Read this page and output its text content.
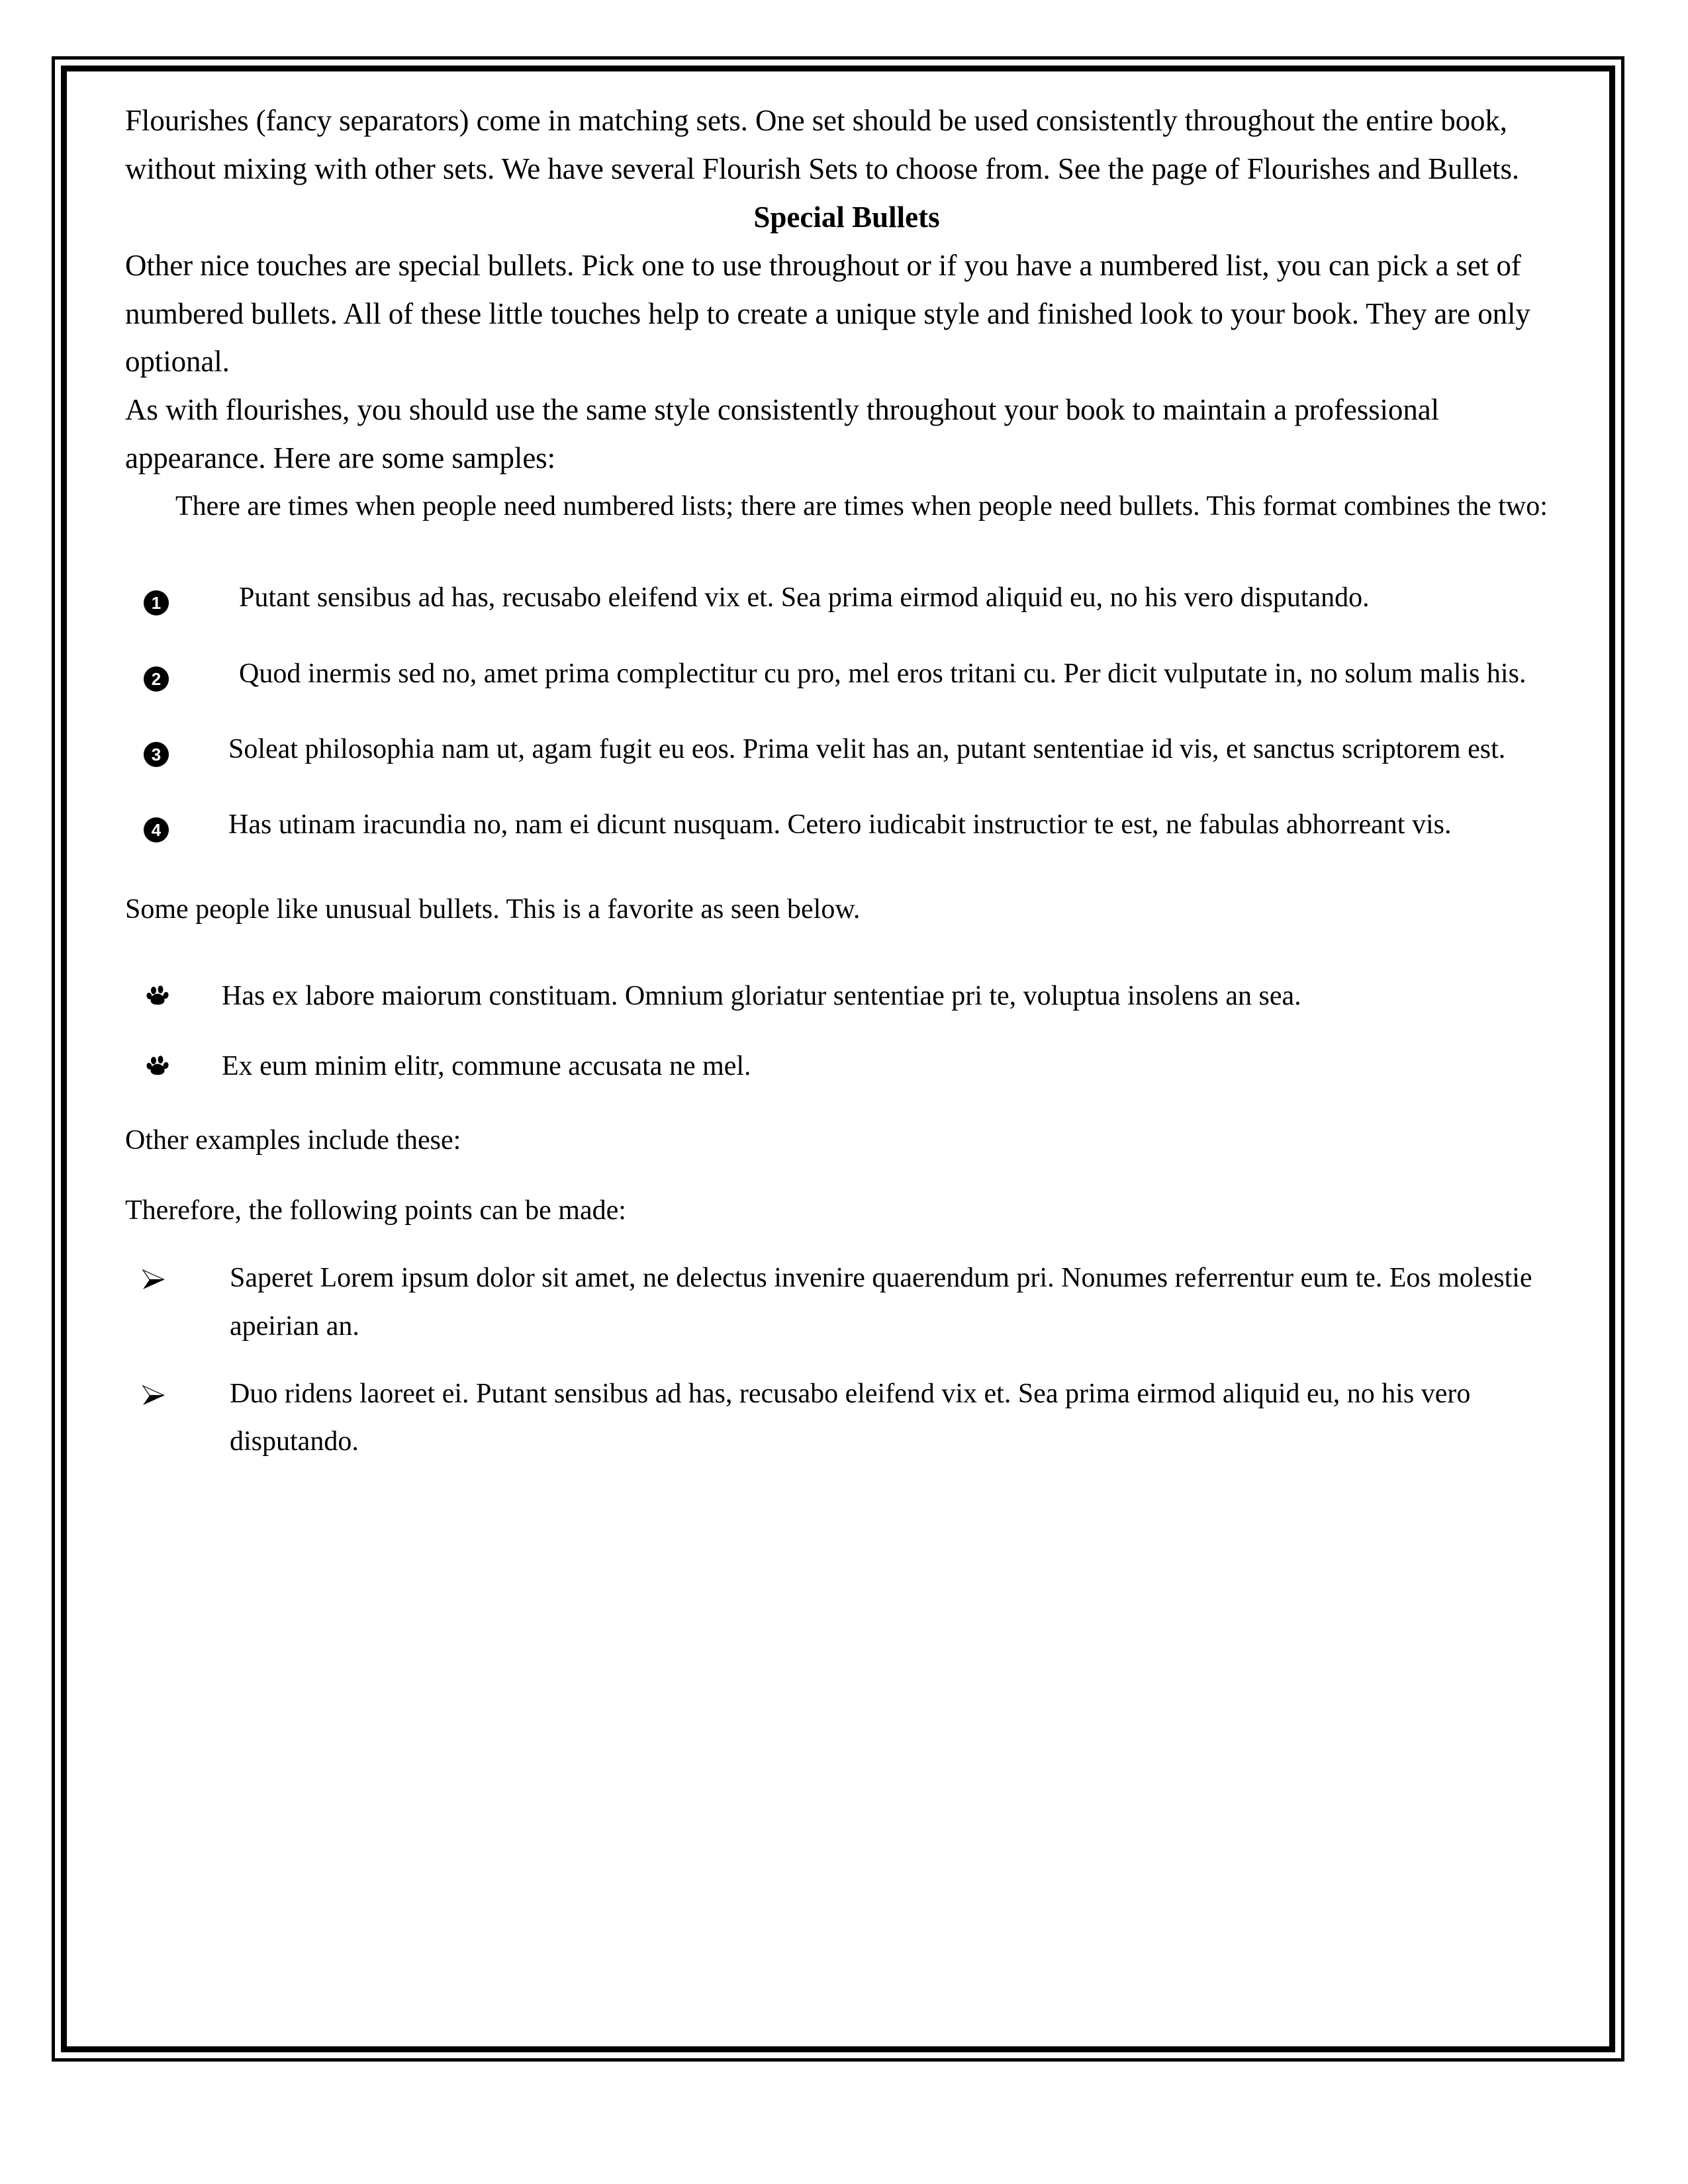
Flourishes (fancy separators) come in matching sets. One set should be used consistently throughout the entire book, without mixing with other sets. We have several Flourish Sets to choose from. See the page of Flourishes and Bullets.

Special Bullets

Other nice touches are special bullets. Pick one to use throughout or if you have a numbered list, you can pick a set of numbered bullets. All of these little touches help to create a unique style and finished look to your book. They are only optional.

As with flourishes, you should use the same style consistently throughout your book to maintain a professional appearance. Here are some samples:

There are times when people need numbered lists; there are times when people need bullets. This format combines the two:

1	Putant sensibus ad has, recusabo eleifend vix et. Sea prima eirmod aliquid eu, no his vero disputando.
2	Quod inermis sed no, amet prima complectitur cu pro, mel eros tritani cu. Per dicit vulputate in, no solum malis his.
3	Soleat philosophia nam ut, agam fugit eu eos. Prima velit has an, putant sententiae id vis, et sanctus scriptorem est.
4	Has utinam iracundia no, nam ei dicunt nusquam. Cetero iudicabit instructior te est, ne fabulas abhorreant vis.

Some people like unusual bullets. This is a favorite as seen below.

Has ex labore maiorum constituam. Omnium gloriatur sententiae pri te, voluptua insolens an sea.
Ex eum minim elitr, commune accusata ne mel.

Other examples include these:

Therefore, the following points can be made:

Saperet Lorem ipsum dolor sit amet, ne delectus invenire quaerendum pri. Nonumes referrentur eum te. Eos molestie apeirian an.
Duo ridens laoreet ei. Putant sensibus ad has, recusabo eleifend vix et. Sea prima eirmod aliquid eu, no his vero disputando.
